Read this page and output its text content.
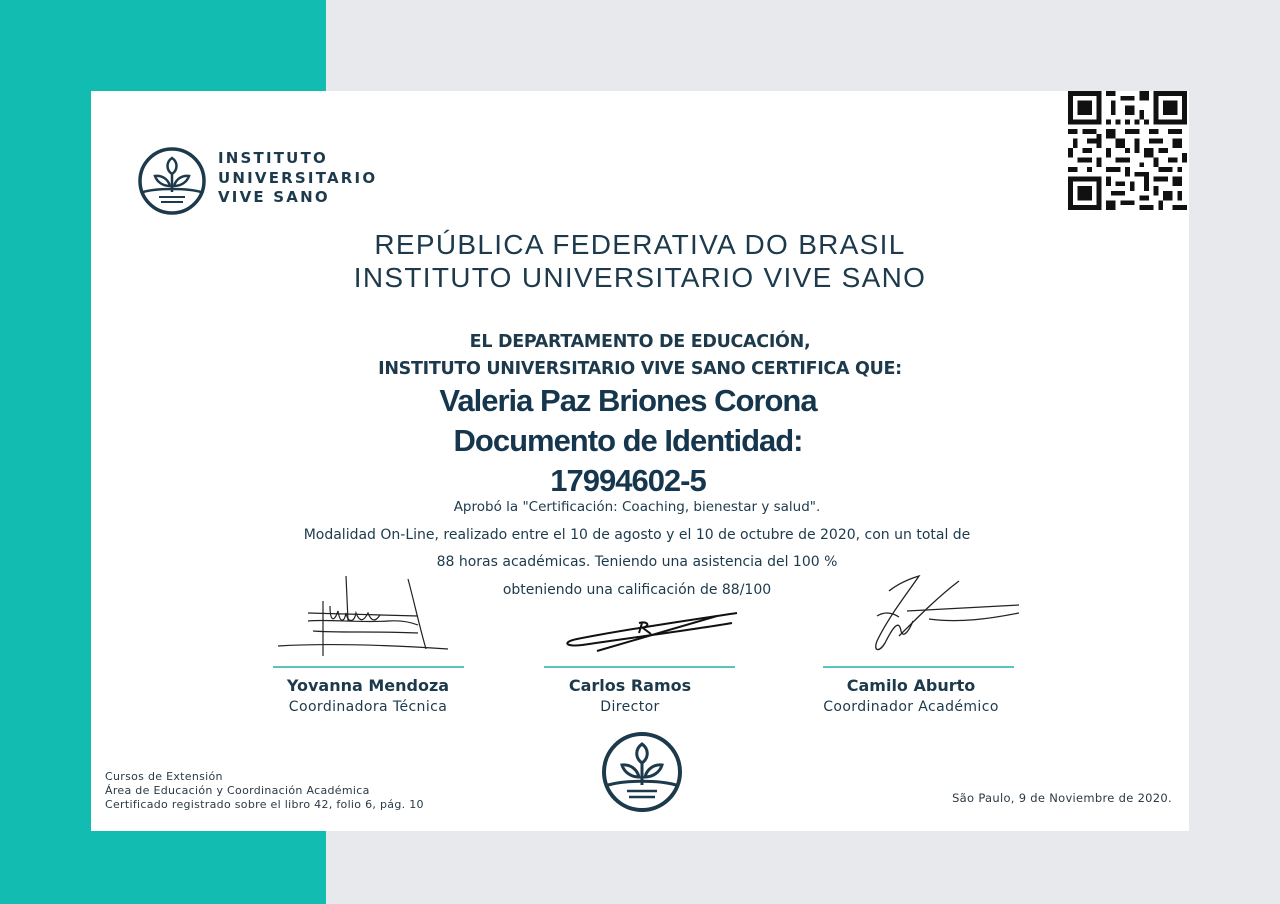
INSTITUTO
UNIVERSITARIO
VIVE SANO
REPÚBLICA FEDERATIVA DO BRASIL
INSTITUTO UNIVERSITARIO VIVE SANO
EL DEPARTAMENTO DE EDUCACIÓN,
INSTITUTO UNIVERSITARIO VIVE SANO CERTIFICA QUE:
Valeria Paz Briones Corona
Documento de Identidad:
17994602-5
Aprobó la "Certificación: Coaching, bienestar y salud".
Modalidad On-Line, realizado entre el 10 de agosto y el 10 de octubre de 2020, con un total de
88 horas académicas. Teniendo una asistencia del 100 %
obteniendo una calificación de 88/100
Yovanna Mendoza
Coordinadora Técnica
Carlos Ramos
Director
Camilo Aburto
Coordinador Académico
Cursos de Extensión
Área de Educación y Coordinación Académica
Certificado registrado sobre el libro 42, folio 6, pág. 10	São Paulo, 9 de Noviembre de 2020.
